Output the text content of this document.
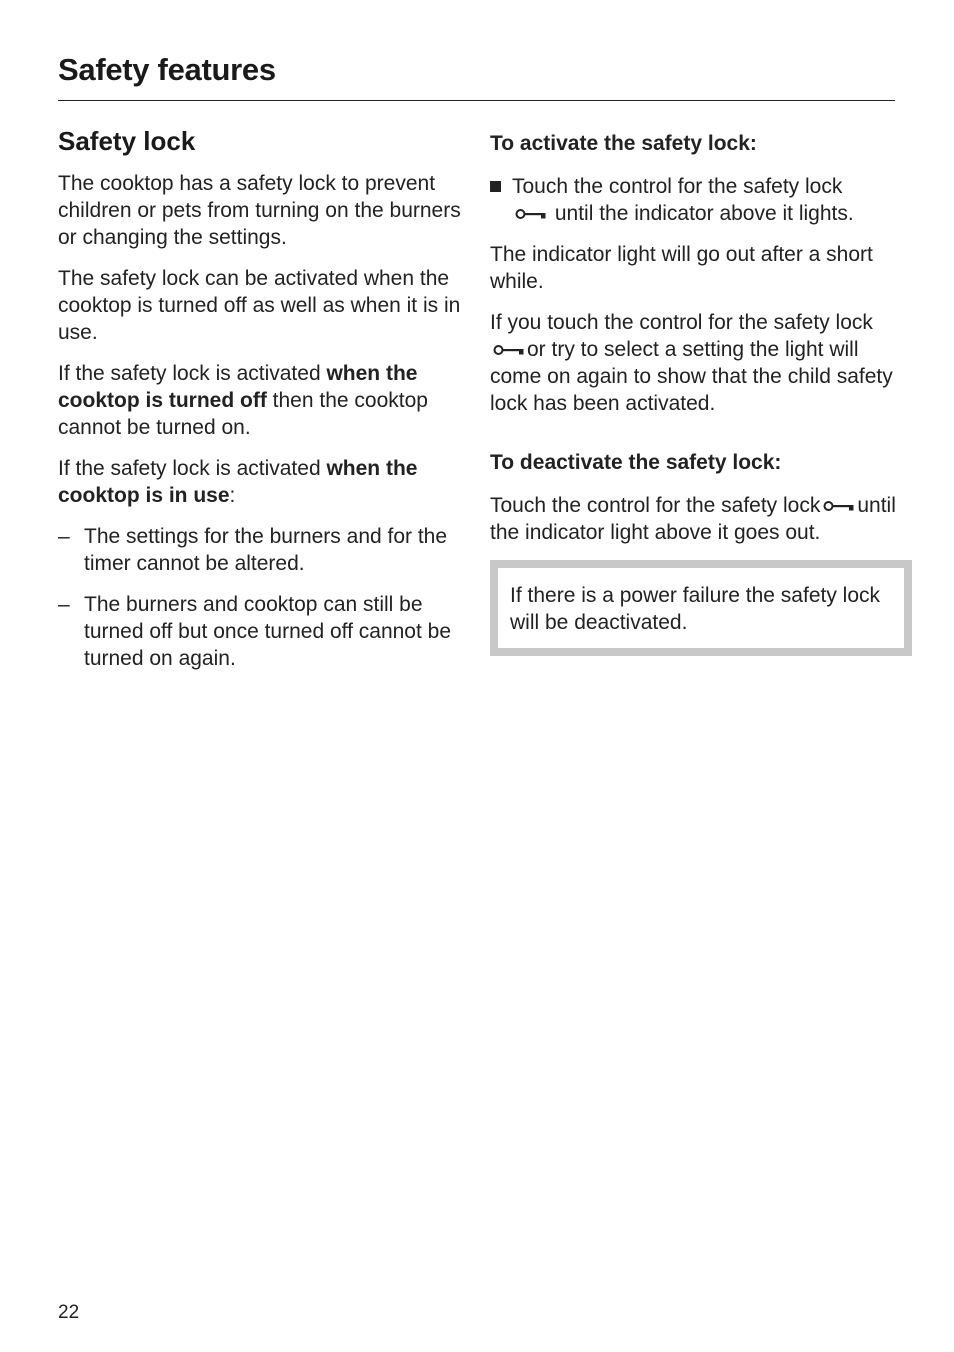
Safety features
Safety lock

The cooktop has a safety lock to prevent children or pets from turning on the burners or changing the settings.

The safety lock can be activated when the cooktop is turned off as well as when it is in use.

If the safety lock is activated when the cooktop is turned off then the cooktop cannot be turned on.

If the safety lock is activated when the cooktop is in use:

– The settings for the burners and for the timer cannot be altered.
– The burners and cooktop can still be turned off but once turned off cannot be turned on again.
To activate the safety lock:
Touch the control for the safety lock
until the indicator above it lights.

The indicator light will go out after a short while.

If you touch the control for the safety lockor try to select a setting the light will come on again to show that the child safety lock has been activated.

To deactivate the safety lock:

Touch the control for the safety lock until the indicator light above it goes out.

If there is a power failure the safety lock will be deactivated.

22
